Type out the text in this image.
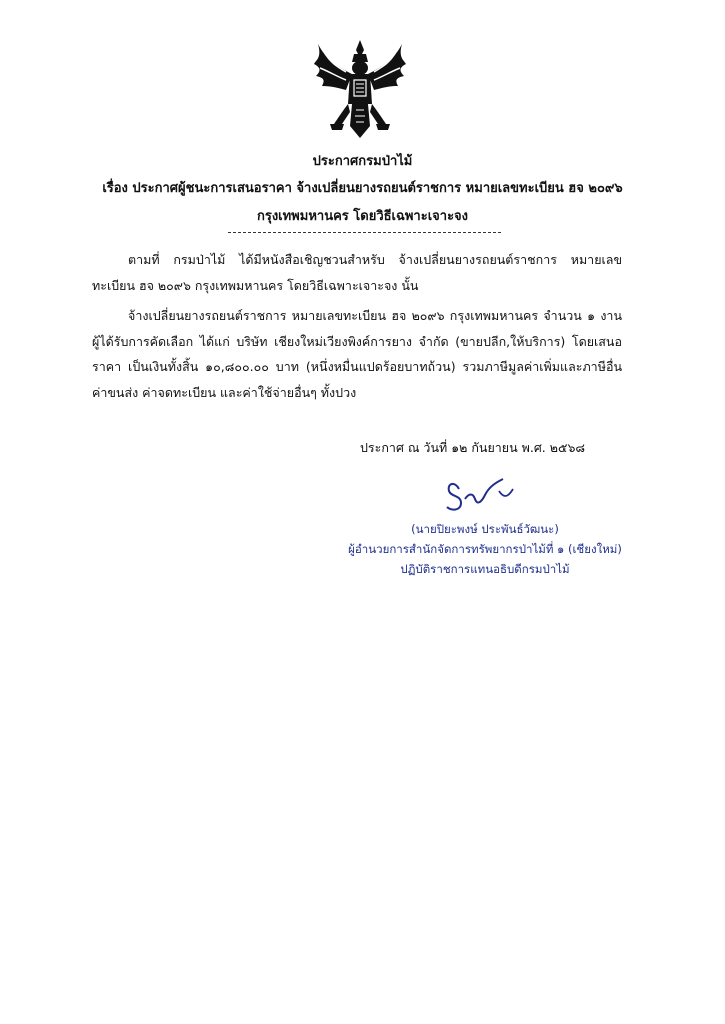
ประกาศกรมป่าไม้
เรื่อง ประกาศผู้ชนะการเสนอราคา จ้างเปลี่ยนยางรถยนต์ราชการ หมายเลขทะเบียน ฮจ ๒๐๙๖
กรุงเทพมหานคร โดยวิธีเฉพาะเจาะจง
ตามที่ กรมป่าไม้ ได้มีหนังสือเชิญชวนสำหรับ จ้างเปลี่ยนยางรถยนต์ราชการ หมายเลขทะเบียน ฮจ ๒๐๙๖ กรุงเทพมหานคร โดยวิธีเฉพาะเจาะจง นั้น
จ้างเปลี่ยนยางรถยนต์ราชการ หมายเลขทะเบียน ฮจ ๒๐๙๖ กรุงเทพมหานคร จำนวน ๑ งาน ผู้ได้รับการคัดเลือก ได้แก่ บริษัท เชียงใหม่เวียงพิงค์การยาง จำกัด (ขายปลีก,ให้บริการ) โดยเสนอราคา เป็นเงินทั้งสิ้น ๑๐,๘๐๐.๐๐ บาท (หนึ่งหมื่นแปดร้อยบาทถ้วน) รวมภาษีมูลค่าเพิ่มและภาษีอื่น ค่าขนส่ง ค่าจดทะเบียน และค่าใช้จ่ายอื่นๆ ทั้งปวง
ประกาศ ณ วันที่ ๑๒ กันยายน พ.ศ. ๒๕๖๘
(นายปิยะพงษ์ ประพันธ์วัฒนะ)
ผู้อำนวยการสำนักจัดการทรัพยากรป่าไม้ที่ ๑ (เชียงใหม่)
ปฏิบัติราชการแทนอธิบดีกรมป่าไม้
